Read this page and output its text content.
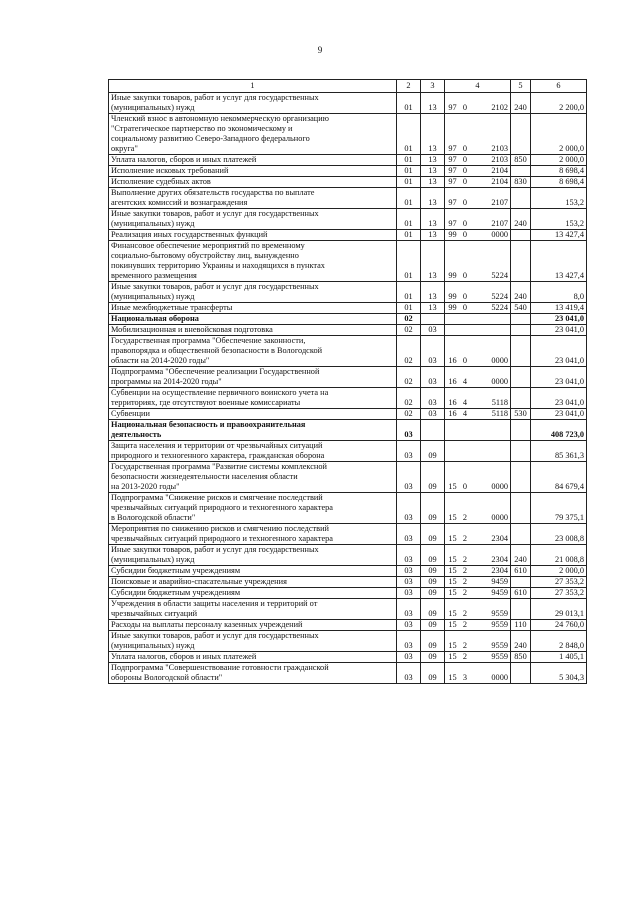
9
1	2	3	4	5	6
Иные закупки товаров, работ и услуг для государственных
(муниципальных) нужд	01	13	97 0 2102	240	2 200,0
Членский взнос в автономную некоммерческую организацию
"Стратегическое партнерство по экономическому и
социальному развитию Северо-Западного федерального
округа"	01	13	97 0 2103		2 000,0
Уплата налогов, сборов и иных платежей	01	13	97 0 2103	850	2 000,0
Исполнение исковых требований	01	13	97 0 2104		8 698,4
Исполнение судебных актов	01	13	97 0 2104	830	8 698,4
Выполнение других обязательств государства по выплате
агентских комиссий и вознаграждения	01	13	97 0 2107		153,2
Иные закупки товаров, работ и услуг для государственных
(муниципальных) нужд	01	13	97 0 2107	240	153,2
Реализация иных государственных функций	01	13	99 0 0000		13 427,4
Финансовое обеспечение мероприятий по временному
социально-бытовому обустройству лиц, вынужденно
покинувших территорию Украины и находящихся в пунктах
временного размещения	01	13	99 0 5224		13 427,4
Иные закупки товаров, работ и услуг для государственных
(муниципальных) нужд	01	13	99 0 5224	240	8,0
Иные межбюджетные трансферты	01	13	99 0 5224	540	13 419,4
Национальная оборона	02				23 041,0
Мобилизационная и вневойсковая подготовка	02	03			23 041,0
Государственная программа "Обеспечение законности,
правопорядка и общественной безопасности в Вологодской
области на 2014-2020 годы"	02	03	16 0 0000		23 041,0
Подпрограмма "Обеспечение реализации Государственной
программы на 2014-2020 годы"	02	03	16 4 0000		23 041,0
Субвенции на осуществление первичного воинского учета на
территориях, где отсутствуют военные комиссариаты	02	03	16 4 5118		23 041,0
Субвенции	02	03	16 4 5118	530	23 041,0
Национальная безопасность и правоохранительная
деятельность	03				408 723,0
Защита населения и территории от чрезвычайных ситуаций
природного и техногенного характера, гражданская оборона	03	09			85 361,3
Государственная программа "Развитие системы комплексной
безопасности жизнедеятельности населения области
на 2013-2020 годы"	03	09	15 0 0000		84 679,4
Подпрограмма "Снижение рисков и смягчение последствий
чрезвычайных ситуаций природного и техногенного характера
в Вологодской области"	03	09	15 2 0000		79 375,1
Мероприятия по снижению рисков и смягчению последствий
чрезвычайных ситуаций природного и техногенного характера	03	09	15 2 2304		23 008,8
Иные закупки товаров, работ и услуг для государственных
(муниципальных) нужд	03	09	15 2 2304	240	21 008,8
Субсидии бюджетным учреждениям	03	09	15 2 2304	610	2 000,0
Поисковые и аварийно-спасательные учреждения	03	09	15 2 9459		27 353,2
Субсидии бюджетным учреждениям	03	09	15 2 9459	610	27 353,2
Учреждения в области защиты населения и территорий от
чрезвычайных ситуаций	03	09	15 2 9559		29 013,1
Расходы на выплаты персоналу казенных учреждений	03	09	15 2 9559	110	24 760,0
Иные закупки товаров, работ и услуг для государственных
(муниципальных) нужд	03	09	15 2 9559	240	2 848,0
Уплата налогов, сборов и иных платежей	03	09	15 2 9559	850	1 405,1
Подпрограмма "Совершенствование готовности гражданской
обороны Вологодской области"	03	09	15 3 0000		5 304,3
